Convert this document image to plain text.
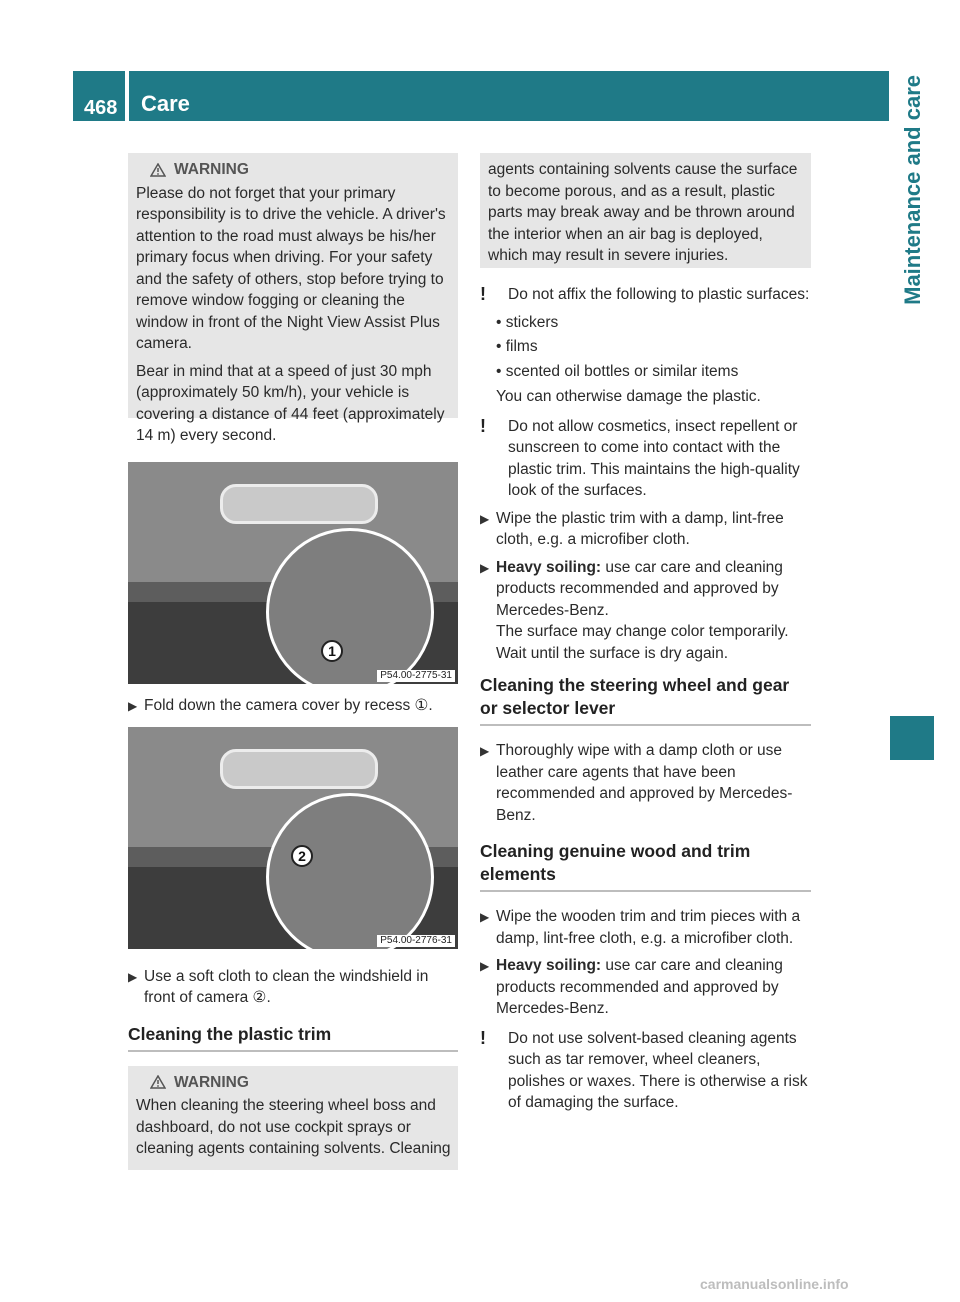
468	Care	Maintenance and care
WARNING

Please do not forget that your primary responsibility is to drive the vehicle. A driver's attention to the road must always be his/her primary focus when driving. For your safety and the safety of others, stop before trying to remove window fogging or cleaning the window in front of the Night View Assist Plus camera.

Bear in mind that at a speed of just 30 mph (approximately 50 km/h), your vehicle is covering a distance of 44 feet (approximately 14 m) every second.

1
P54.00-2775-31
▶ Fold down the camera cover by recess ①.
2
P54.00-2776-31
▶ Use a soft cloth to clean the windshield in front of camera ②.
Cleaning the plastic trim
WARNING

When cleaning the steering wheel boss and dashboard, do not use cockpit sprays or cleaning agents containing solvents. Cleaning

agents containing solvents cause the surface to become porous, and as a result, plastic parts may break away and be thrown around the interior when an air bag is deployed, which may result in severe injuries.

!	Do not affix the following to plastic surfaces:
• stickers
• films
• scented oil bottles or similar items
You can otherwise damage the plastic.
!	Do not allow cosmetics, insect repellent or sunscreen to come into contact with the plastic trim. This maintains the high-quality look of the surfaces.
▶ Wipe the plastic trim with a damp, lint-free cloth, e.g. a microfiber cloth.
▶ Heavy soiling: use car care and cleaning products recommended and approved by Mercedes-Benz.
The surface may change color temporarily. Wait until the surface is dry again.
Cleaning the steering wheel and gear or selector lever
▶ Thoroughly wipe with a damp cloth or use leather care agents that have been recommended and approved by Mercedes-Benz.
Cleaning genuine wood and trim elements
▶ Wipe the wooden trim and trim pieces with a damp, lint-free cloth, e.g. a microfiber cloth.
▶ Heavy soiling: use car care and cleaning products recommended and approved by Mercedes-Benz.
!	Do not use solvent-based cleaning agents such as tar remover, wheel cleaners, polishes or waxes. There is otherwise a risk of damaging the surface.
carmanualsonline.info
